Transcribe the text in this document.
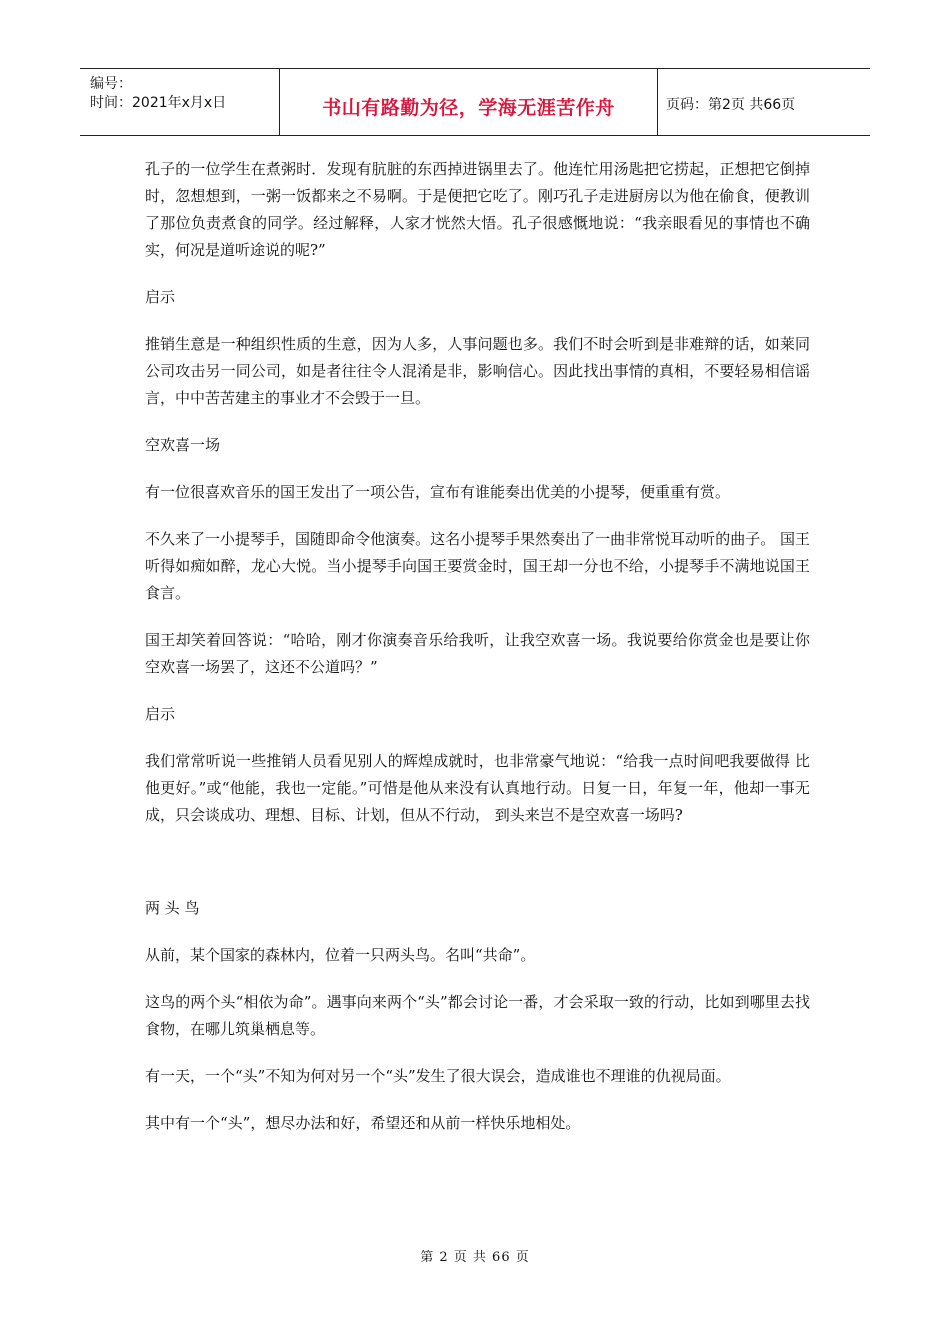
编号：
时间：2021年x月x日	书山有路勤为径，学海无涯苦作舟	页码：第2页 共66页

孔子的一位学生在煮粥时．发现有肮脏的东西掉进锅里去了。他连忙用汤匙把它捞起，正想把它倒掉时，忽想想到，一粥一饭都来之不易啊。于是便把它吃了。刚巧孔子走进厨房以为他在偷食，便教训了那位负责煮食的同学。经过解释，人家才恍然大悟。孔子很感慨地说：“我亲眼看见的事情也不确实，何况是道听途说的呢?”

启示

推销生意是一种组织性质的生意，因为人多，人事问题也多。我们不时会听到是非难辩的话，如莱同公司攻击另一同公司，如是者往往令人混淆是非，影响信心。因此找出事情的真相，不要轻易相信谣言，中中苦苦建主的事业才不会毁于一旦。

空欢喜一场

有一位很喜欢音乐的国王发出了一项公告，宣布有谁能奏出优美的小提琴，便重重有赏。

不久来了一小提琴手，国随即命令他演奏。这名小提琴手果然奏出了一曲非常悦耳动听的曲子。 国王听得如痴如醉，龙心大悦。当小提琴手向国王要赏金时，国王却一分也不给，小提琴手不满地说国王食言。

国王却笑着回答说：“哈哈，刚才你演奏音乐给我听，让我空欢喜一场。我说要给你赏金也是要让你空欢喜一场罢了，这还不公道吗？”

启示

我们常常听说一些推销人员看见别人的辉煌成就时，也非常豪气地说：“给我一点时间吧我要做得 比他更好。”或“他能，我也一定能。”可惜是他从来没有认真地行动。日复一日，年复一年，他却一事无成，只会谈成功、理想、目标、计划，但从不行动， 到头来岂不是空欢喜一场吗?

两 头 鸟

从前，某个国家的森林内，位着一只两头鸟。名叫“共命”。

这鸟的两个头“相依为命”。遇事向来两个“头”都会讨论一番，才会采取一致的行动，比如到哪里去找食物，在哪儿筑巢栖息等。

有一天，一个“头”不知为何对另一个“头”发生了很大误会，造成谁也不理谁的仇视局面。

其中有一个“头”，想尽办法和好，希望还和从前一样快乐地相处。

第 2 页 共 66 页
